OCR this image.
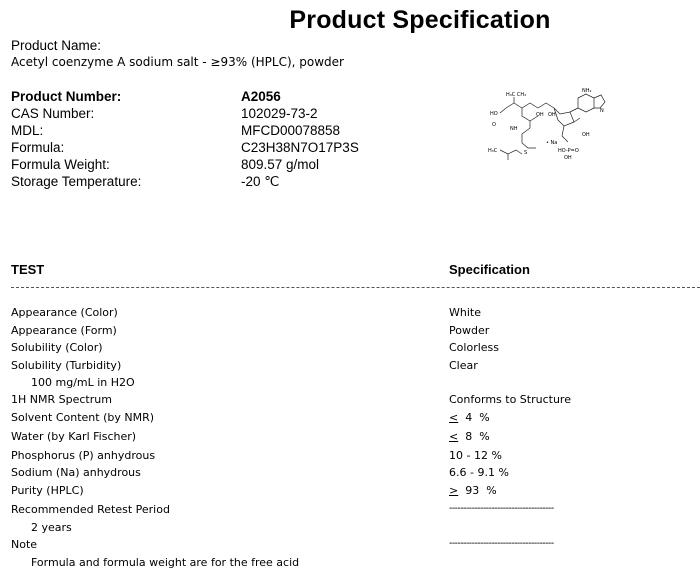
Product Specification
Product Name:
Acetyl coenzyme A sodium salt - ≥93% (HPLC), powder
Product Number:	A2056
CAS Number:	102029-73-2
MDL:	MFCD00078858
Formula:	C23H38N7O17P3S
Formula Weight:	809.57 g/mol
Storage Temperature:	-20 ℃
H₃C CH₃
OH OH
HO
O
NH
NH₂
N
• Na
OH
HO-P=O
OH
H₃C	S
TEST	Specification
Appearance (Color)	White
Appearance (Form)	Powder
Solubility (Color)	Colorless
Solubility (Turbidity)	Clear
100 mg/mL in H2O
1H NMR Spectrum	Conforms to Structure
Solvent Content (by NMR)	<  4  %
Water (by Karl Fischer)	<  8  %
Phosphorus (P) anhydrous	10 - 12 %
Sodium (Na) anhydrous	6.6 - 9.1 %
Purity (HPLC)	>  93  %
Recommended Retest Period	-------------------------------------
2 years
Note	-------------------------------------
Formula and formula weight are for the free acid
